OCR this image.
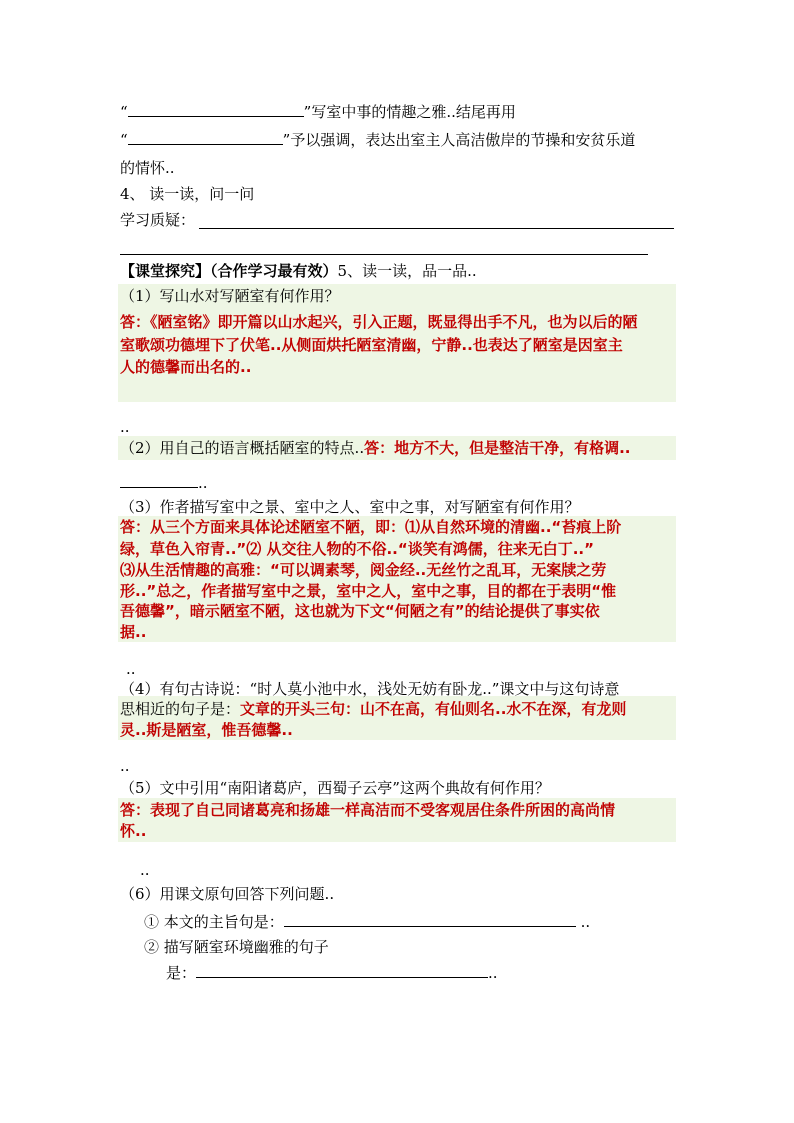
“	”写室中事的情趣之雅..结尾再用
“	”予以强调，表达出室主人高洁傲岸的节操和安贫乐道
的情怀..
4、 读一读，问一问
学习质疑：
【课堂探究】（合作学习最有效）5、读一读，品一品..
（1）写山水对写陋室有何作用？
答：《陋室铭》即开篇以山水起兴，引入正题，既显得出手不凡，也为以后的陋
室歌颂功德埋下了伏笔..从侧面烘托陋室清幽，宁静..也表达了陋室是因室主
人的德馨而出名的..
..
（2）用自己的语言概括陋室的特点..答：地方不大，但是整洁干净，有格调..
..
（3）作者描写室中之景、室中之人、室中之事，对写陋室有何作用？
答：从三个方面来具体论述陋室不陋，即：⑴从自然环境的清幽..“苔痕上阶
绿，草色入帘青..”⑵ 从交往人物的不俗..“谈笑有鸿儒，往来无白丁..”
⑶从生活情趣的高雅：“可以调素琴，阅金经..无丝竹之乱耳，无案牍之劳
形..”总之，作者描写室中之景，室中之人，室中之事，目的都在于表明“惟
吾德馨”，暗示陋室不陋，这也就为下文“何陋之有”的结论提供了事实依
据..
..
（4）有句古诗说：“时人莫小池中水，浅处无妨有卧龙..”课文中与这句诗意
思相近的句子是：文章的开头三句：山不在高，有仙则名..水不在深，有龙则
灵..斯是陋室，惟吾德馨..
..
（5）文中引用“南阳诸葛庐，西蜀子云亭”这两个典故有何作用？
答：表现了自己同诸葛亮和扬雄一样高洁而不受客观居住条件所困的高尚情
怀..
..
（6）用课文原句回答下列问题..
① 本文的主旨句是：	..
② 描写陋室环境幽雅的句子
是：	..
